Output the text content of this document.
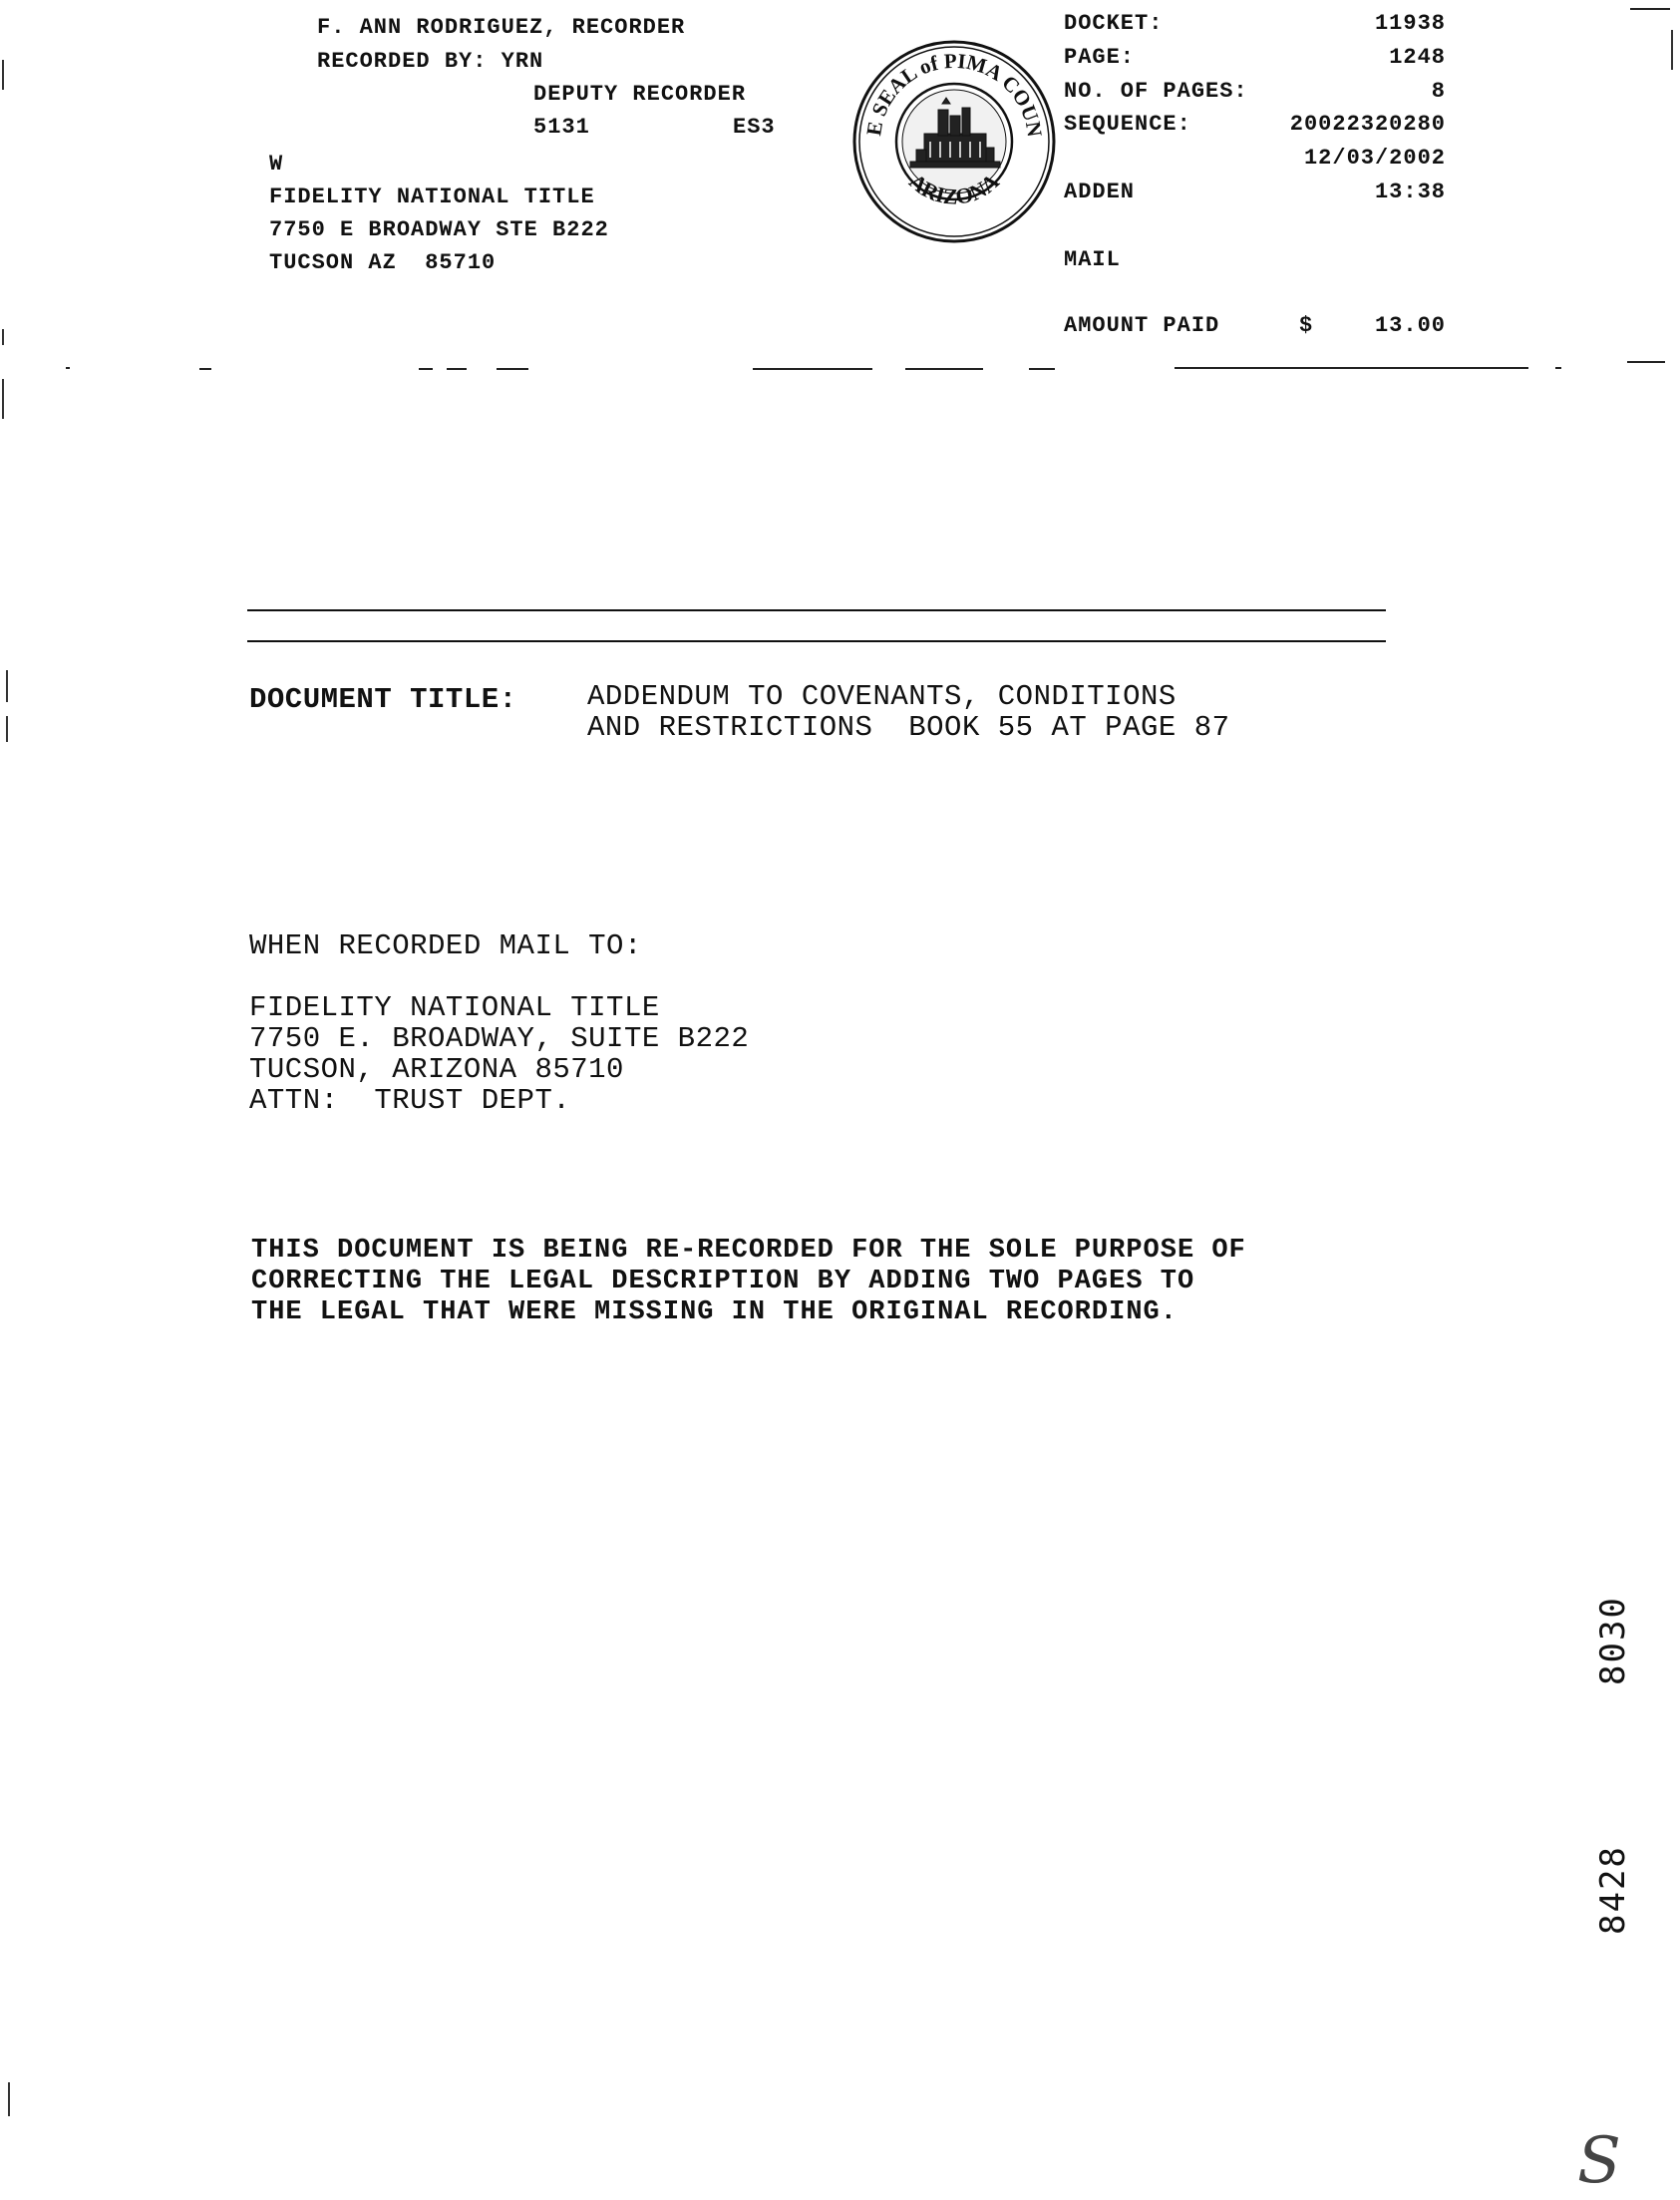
F. ANN RODRIGUEZ, RECORDER
RECORDED BY: YRN
DEPUTY RECORDER
5131	ES3
W
FIDELITY NATIONAL TITLE
7750 E BROADWAY STE B222
TUCSON AZ  85710
E SEAL of PIMA COUN
ARIZONA
DOCKET:	11938
PAGE:	1248
NO. OF PAGES:	8
SEQUENCE:	20022320280
12/03/2002
ADDEN	13:38
MAIL
AMOUNT PAID	$	13.00
DOCUMENT TITLE: ADDENDUM TO COVENANTS, CONDITIONS
AND RESTRICTIONS  BOOK 55 AT PAGE 87
WHEN RECORDED MAIL TO:
FIDELITY NATIONAL TITLE
7750 E. BROADWAY, SUITE B222
TUCSON, ARIZONA 85710
ATTN:  TRUST DEPT.
THIS DOCUMENT IS BEING RE-RECORDED FOR THE SOLE PURPOSE OF
CORRECTING THE LEGAL DESCRIPTION BY ADDING TWO PAGES TO
THE LEGAL THAT WERE MISSING IN THE ORIGINAL RECORDING.
8030
8428
S
